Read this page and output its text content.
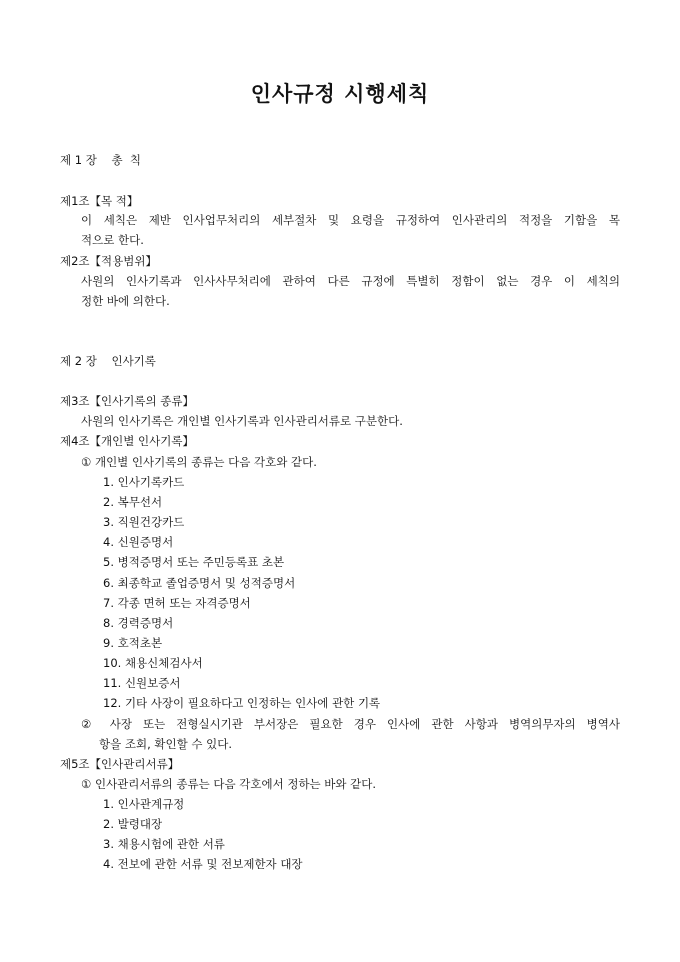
인사규정 시행세칙
제 1 장    총  칙
제1조【목 적】
이 세칙은 제반 인사업무처리의 세부절차 및 요령을 규정하여 인사관리의 적정을 기함을 목
적으로 한다.
제2조【적용범위】
사원의 인사기록과 인사사무처리에 관하여 다른 규정에 특별히 정함이 없는 경우 이 세칙의
정한 바에 의한다.
제 2 장    인사기록
제3조【인사기록의 종류】
사원의 인사기록은 개인별 인사기록과 인사관리서류로 구분한다.
제4조【개인별 인사기록】
① 개인별 인사기록의 종류는 다음 각호와 같다.
1. 인사기록카드
2. 복무선서
3. 직원건강카드
4. 신원증명서
5. 병적증명서 또는 주민등록표 초본
6. 최종학교 졸업증명서 및 성적증명서
7. 각종 면허 또는 자격증명서
8. 경력증명서
9. 호적초본
10. 채용신체검사서
11. 신원보증서
12. 기타 사장이 필요하다고 인정하는 인사에 관한 기록
② 사장 또는 전형실시기관 부서장은 필요한 경우 인사에 관한 사항과 병역의무자의 병역사
항을 조회, 확인할 수 있다.
제5조【인사관리서류】
① 인사관리서류의 종류는 다음 각호에서 정하는 바와 같다.
1. 인사관계규정
2. 발령대장
3. 채용시험에 관한 서류
4. 전보에 관한 서류 및 전보제한자 대장
